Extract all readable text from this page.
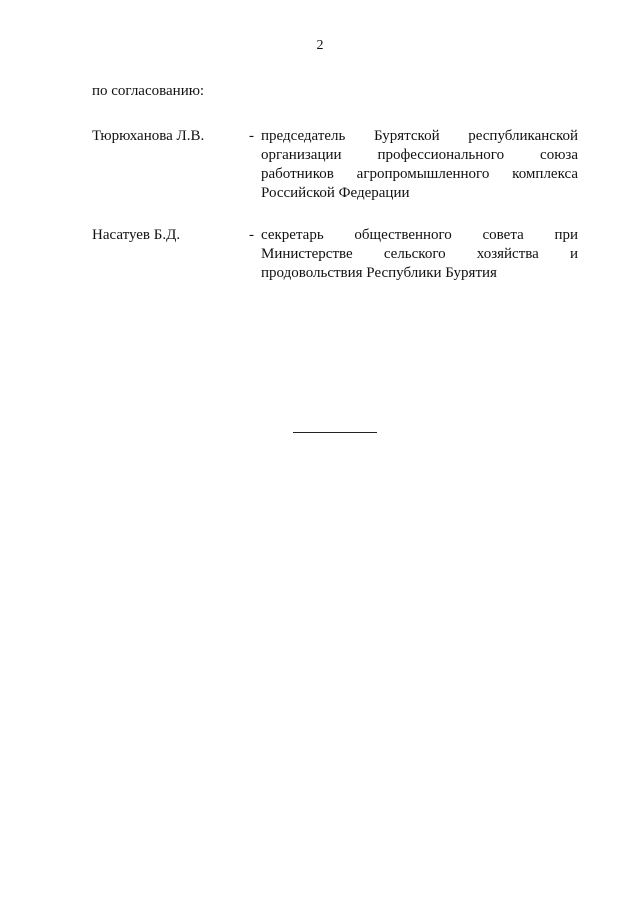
2
по согласованию:
Тюрюханова Л.В.	- председатель Бурятской республиканской организации профессионального союза работников агропромышленного комплекса Российской Федерации
Насатуев Б.Д.	- секретарь общественного совета при Министерстве сельского хозяйства и продовольствия Республики Бурятия
